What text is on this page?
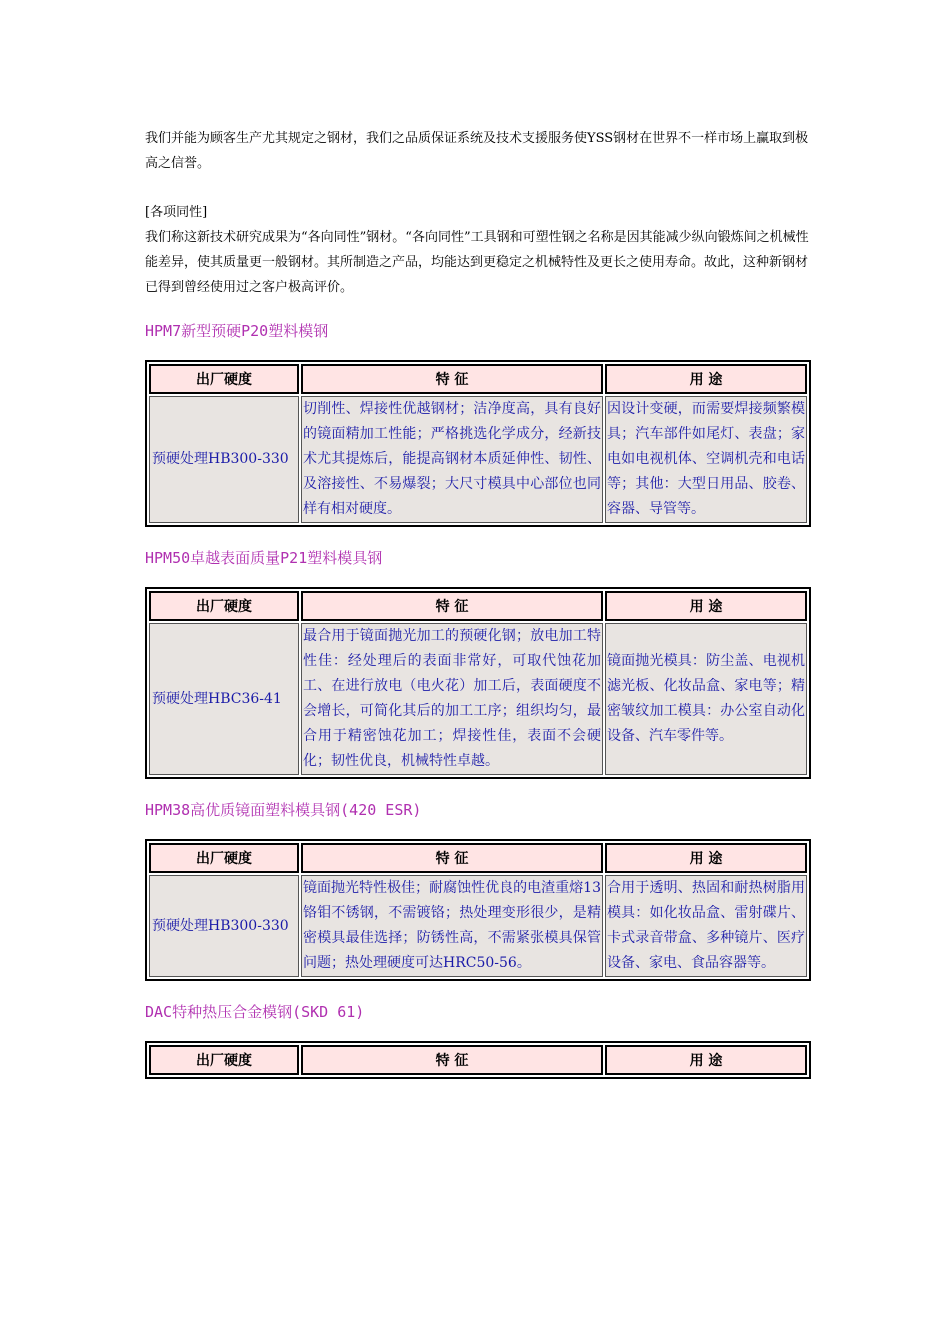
我们并能为顾客生产尤其规定之钢材，我们之品质保证系统及技术支援服务使YSS钢材在世界不一样市场上赢取到极高之信誉。

[各项同性]

我们称这新技术研究成果为“各向同性”钢材。“各向同性”工具钢和可塑性钢之名称是因其能减少纵向锻炼间之机械性能差异，使其质量更一般钢材。其所制造之产品，均能达到更稳定之机械特性及更长之使用寿命。故此，这种新钢材已得到曾经使用过之客户极高评价。

HPM7新型预硬P20塑料模钢

出厂硬度	特 征	用 途
预硬处理HB300-330	切削性、焊接性优越钢材；洁净度高，具有良好的镜面精加工性能；严格挑选化学成分，经新技术尤其提炼后，能提高钢材本质延伸性、韧性、及溶接性、不易爆裂；大尺寸模具中心部位也同样有相对硬度。	因设计变硬，而需要焊接频繁模具；汽车部件如尾灯、表盘；家电如电视机体、空调机壳和电话等；其他：大型日用品、胶卷、容器、导管等。

HPM50卓越表面质量P21塑料模具钢

出厂硬度	特 征	用 途
预硬处理HBC36-41	最合用于镜面抛光加工的预硬化钢；放电加工特性佳：经处理后的表面非常好，可取代蚀花加工、在进行放电（电火花）加工后，表面硬度不会增长，可简化其后的加工工序；组织均匀，最合用于精密蚀花加工；焊接性佳，表面不会硬化；韧性优良，机械特性卓越。	镜面抛光模具：防尘盖、电视机滤光板、化妆品盒、家电等；精密皱纹加工模具：办公室自动化设备、汽车零件等。

HPM38高优质镜面塑料模具钢(420 ESR)

出厂硬度	特 征	用 途
预硬处理HB300-330	镜面抛光特性极佳；耐腐蚀性优良的电渣重熔13铬钼不锈钢，不需镀铬；热处理变形很少，是精密模具最佳选择；防锈性高，不需紧张模具保管问题；热处理硬度可达HRC50-56。	合用于透明、热固和耐热树脂用模具：如化妆品盒、雷射碟片、卡式录音带盒、多种镜片、医疗设备、家电、食品容器等。

DAC特种热压合金模钢(SKD 61)

出厂硬度	特 征	用 途
